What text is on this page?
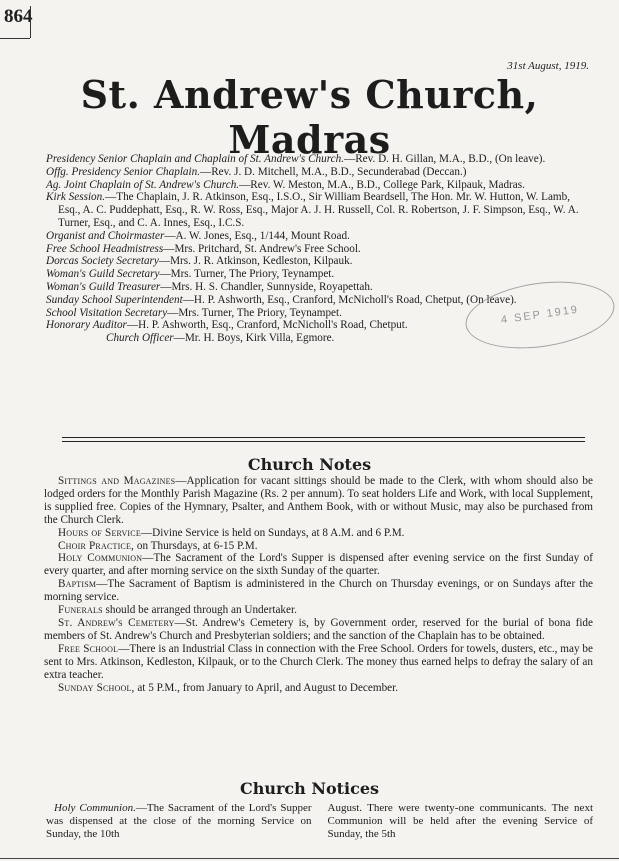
864
31st August, 1919.
St. Andrew's Church, Madras
Presidency Senior Chaplain and Chaplain of St. Andrew's Church.—Rev. D. H. Gillan, M.A., B.D., (On leave).
Offg. Presidency Senior Chaplain.—Rev. J. D. Mitchell, M.A., B.D., Secunderabad (Deccan.)
Ag. Joint Chaplain of St. Andrew's Church.—Rev. W. Meston, M.A., B.D., College Park, Kilpauk, Madras.
Kirk Session.—The Chaplain, J. R. Atkinson, Esq., I.S.O., Sir William Beardsell, The Hon. Mr. W. Hutton, W. Lamb, Esq., A. C. Puddephatt, Esq., R. W. Ross, Esq., Major A. J. H. Russell, Col. R. Robertson, J. F. Simpson, Esq., W. A. Turner, Esq., and C. A. Innes, Esq., I.C.S.
Organist and Choirmaster—A. W. Jones, Esq., 1/144, Mount Road.
Free School Headmistress—Mrs. Pritchard, St. Andrew's Free School.
Dorcas Society Secretary—Mrs. J. R. Atkinson, Kedleston, Kilpauk.
Woman's Guild Secretary—Mrs. Turner, The Priory, Teynampet.
Woman's Guild Treasurer—Mrs. H. S. Chandler, Sunnyside, Royapettah.
Sunday School Superintendent—H. P. Ashworth, Esq., Cranford, McNicholl's Road, Chetput, (On leave).
School Visitation Secretary—Mrs. Turner, The Priory, Teynampet.
Honorary Auditor—H. P. Ashworth, Esq., Cranford, McNicholl's Road, Chetput.
Church Officer—Mr. H. Boys, Kirk Villa, Egmore.
4 SEP 1919
Church Notes

Sittings and Magazines—Application for vacant sittings should be made to the Clerk, with whom should also be lodged orders for the Monthly Parish Magazine (Rs. 2 per annum). To seat holders Life and Work, with local Supplement, is supplied free. Copies of the Hymnary, Psalter, and Anthem Book, with or without Music, may also be purchased from the Church Clerk.

Hours of Service—Divine Service is held on Sundays, at 8 A.M. and 6 P.M.

Choir Practice, on Thursdays, at 6-15 P.M.

Holy Communion—The Sacrament of the Lord's Supper is dispensed after evening service on the first Sunday of every quarter, and after morning service on the sixth Sunday of the quarter.

Baptism—The Sacrament of Baptism is administered in the Church on Thursday evenings, or on Sundays after the morning service.

Funerals should be arranged through an Undertaker.

St. Andrew's Cemetery—St. Andrew's Cemetery is, by Government order, reserved for the burial of bona fide members of St. Andrew's Church and Presbyterian soldiers; and the sanction of the Chaplain has to be obtained.

Free School—There is an Industrial Class in connection with the Free School. Orders for towels, dusters, etc., may be sent to Mrs. Atkinson, Kedleston, Kilpauk, or to the Church Clerk. The money thus earned helps to defray the salary of an extra teacher.

Sunday School, at 5 P.M., from January to April, and August to December.

Church Notices

Holy Communion.—The Sacrament of the Lord's Supper was dispensed at the close of the morning Service on Sunday, the 10th

August. There were twenty-one communicants. The next Communion will be held after the evening Service of Sunday, the 5th
